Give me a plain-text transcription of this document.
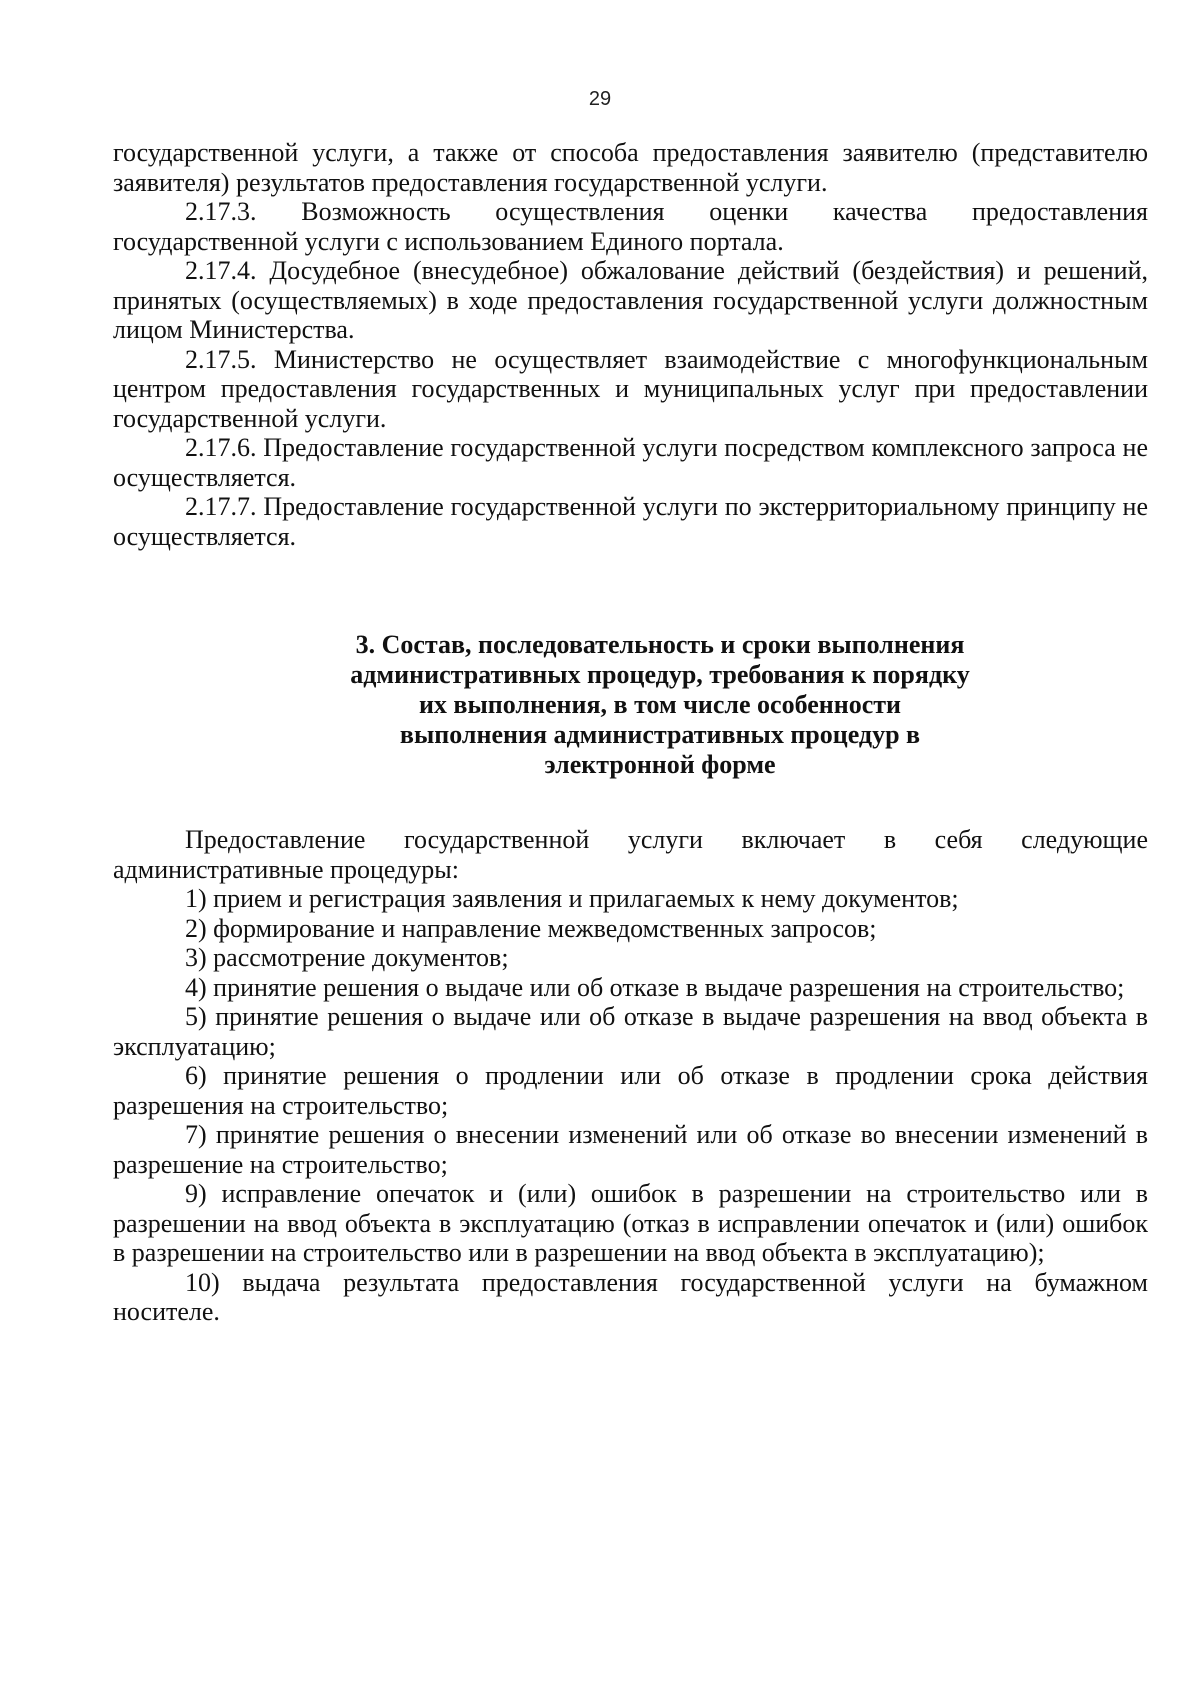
29

государственной услуги, а также от способа предоставления заявителю (представителю заявителя) результатов предоставления государственной услуги.

2.17.3. Возможность осуществления оценки качества предоставления государственной услуги с использованием Единого портала.

2.17.4. Досудебное (внесудебное) обжалование действий (бездействия) и решений, принятых (осуществляемых) в ходе предоставления государственной услуги должностным лицом Министерства.

2.17.5. Министерство не осуществляет взаимодействие с многофункциональным центром предоставления государственных и муниципальных услуг при предоставлении государственной услуги.

2.17.6. Предоставление государственной услуги посредством комплексного запроса не осуществляется.

2.17.7. Предоставление государственной услуги по экстерриториальному принципу не осуществляется.

3. Состав, последовательность и сроки выполнения
административных процедур, требования к порядку
их выполнения, в том числе особенности
выполнения административных процедур в
электронной форме

Предоставление государственной услуги включает в себя следующие административные процедуры:

1) прием и регистрация заявления и прилагаемых к нему документов;

2) формирование и направление межведомственных запросов;

3) рассмотрение документов;

4) принятие решения о выдаче или об отказе в выдаче разрешения на строительство;

5) принятие решения о выдаче или об отказе в выдаче разрешения на ввод объекта в эксплуатацию;

6) принятие решения о продлении или об отказе в продлении срока действия разрешения на строительство;

7) принятие решения о внесении изменений или об отказе во внесении изменений в разрешение на строительство;

9) исправление опечаток и (или) ошибок в разрешении на строительство или в разрешении на ввод объекта в эксплуатацию (отказ в исправлении опечаток и (или) ошибок в разрешении на строительство или в разрешении на ввод объекта в эксплуатацию);

10) выдача результата предоставления государственной услуги на бумажном носителе.
